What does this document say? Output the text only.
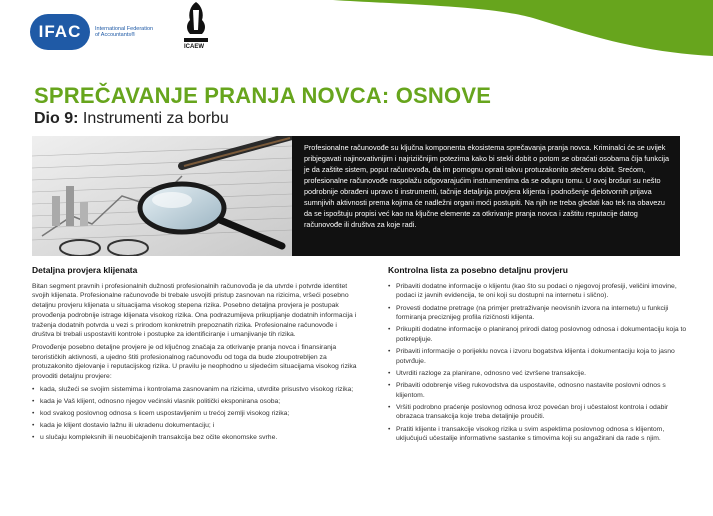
IFAC	International Federation of Accountants®
ICAEW
SPREČAVANJE PRANJA NOVCA: OSNOVE
Dio 9: Instrumenti za borbu
Profesionalne računovođe su ključna komponenta ekosistema sprečavanja pranja novca. Kriminalci će se uvijek pribjegavati najinovativnijim i najriziičnijim potezima kako bi stekli dobit o potom se obraćati osobama čija funkcija je da zaštite sistem, poput računovođa, da im pomognu oprati takvu protuzakonito stečenu dobit. Srećom, profesionalne računovođe raspolažu odgovarajućim instrumentima da se odupru tomu. U ovoj brošuri su nešto podrobnije obrađeni upravo ti instrumenti, tačnije detaljnija provjera klijenta i podnošenje djelotvornih prijava sumnjivih aktivnosti prema kojima će nadležni organi moći postupiti. Na njih ne treba gledati kao tek na obavezu da se ispoštuju propisi već kao na ključne elemente za otkrivanje pranja novca i zaštitu reputacije datog računovođe ili društva za koje radi.
Detaljna provjera klijenata

Bitan segment pravnih i profesionalnih dužnosti profesionalnih računovođa je da utvrde i potvrde identitet svojih klijenata. Profesionalne računovođe bi trebale usvojiti pristup zasnovan na rizicima, vršeći posebno detaljnu provjeru klijenata u situacijama visokog stepena rizika. Posebno detaljna provjera je postupak provođenja podrobnije istrage klijenata visokog rizika. Ona podrazumijeva prikupljanje dodatnih informacija i traženja dodatnih potvrda u vezi s prirodom konkretnih prepoznatih rizika. Profesionalne računovođe i društva bi trebali uspostaviti kontrole i postupke za identificiranje i umanjivanje tih rizika.

Provođenje posebno detaljne provjere je od ključnog značaja za otkrivanje pranja novca i finansiranja terorističkih aktivnosti, a ujedno štiti profesionalnog računovođu od toga da bude zloupotrebljen za protuzakonito djelovanje i reputacijskog rizika. U pravilu je neophodno u sljedećim situacijama visokog rizika provoditi detaljnu provjere:

• kada, služeći se svojim sistemima i kontrolama zasnovanim na rizicima, utvrdite prisustvo visokog rizika;
• kada je Vaš klijent, odnosno njegov većinski vlasnik politički eksponirana osoba;
• kod svakog poslovnog odnosa s licem uspostavljenim u trećoj zemlji visokog rizika;
• kada je klijent dostavio lažnu ili ukradenu dokumentaciju; i
• u slučaju kompleksnih ili neuobičajenih transakcija bez očite ekonomske svrhe.
Kontrolna lista za posebno detaljnu provjeru
• Pribaviti dodatne informacije o klijentu (kao što su podaci o njegovoj profesiji, veličini imovine, podaci iz javnih evidencija, te oni koji su dostupni na internetu i slično).
• Provesti dodatne pretrage (na primjer pretraživanje neovisnih izvora na internetu) u funkciji formiranja preciznijeg profila rizičnosti klijenta.
• Prikupiti dodatne informacije o planiranoj prirodi datog poslovnog odnosa i dokumentaciju koja to potkrepljuje.
• Pribaviti informacije o porijeklu novca i izvoru bogatstva klijenta i dokumentaciju koja to jasno potvrđuje.
• Utvrditi razloge za planirane, odnosno već izvršene transakcije.
• Pribaviti odobrenje višeg rukovodstva da uspostavite, odnosno nastavite poslovni odnos s klijentom.
• Vršiti podrobno praćenje poslovnog odnosa kroz povećan broj i učestalost kontrola i odabir obrazaca transakcija koje treba detaljnije proučiti.
• Pratiti klijente i transakcije visokog rizika u svim aspektima poslovnog odnosa s klijentom, uključujući učestalije informativne sastanke s timovima koji su angažirani da rade s njim.
